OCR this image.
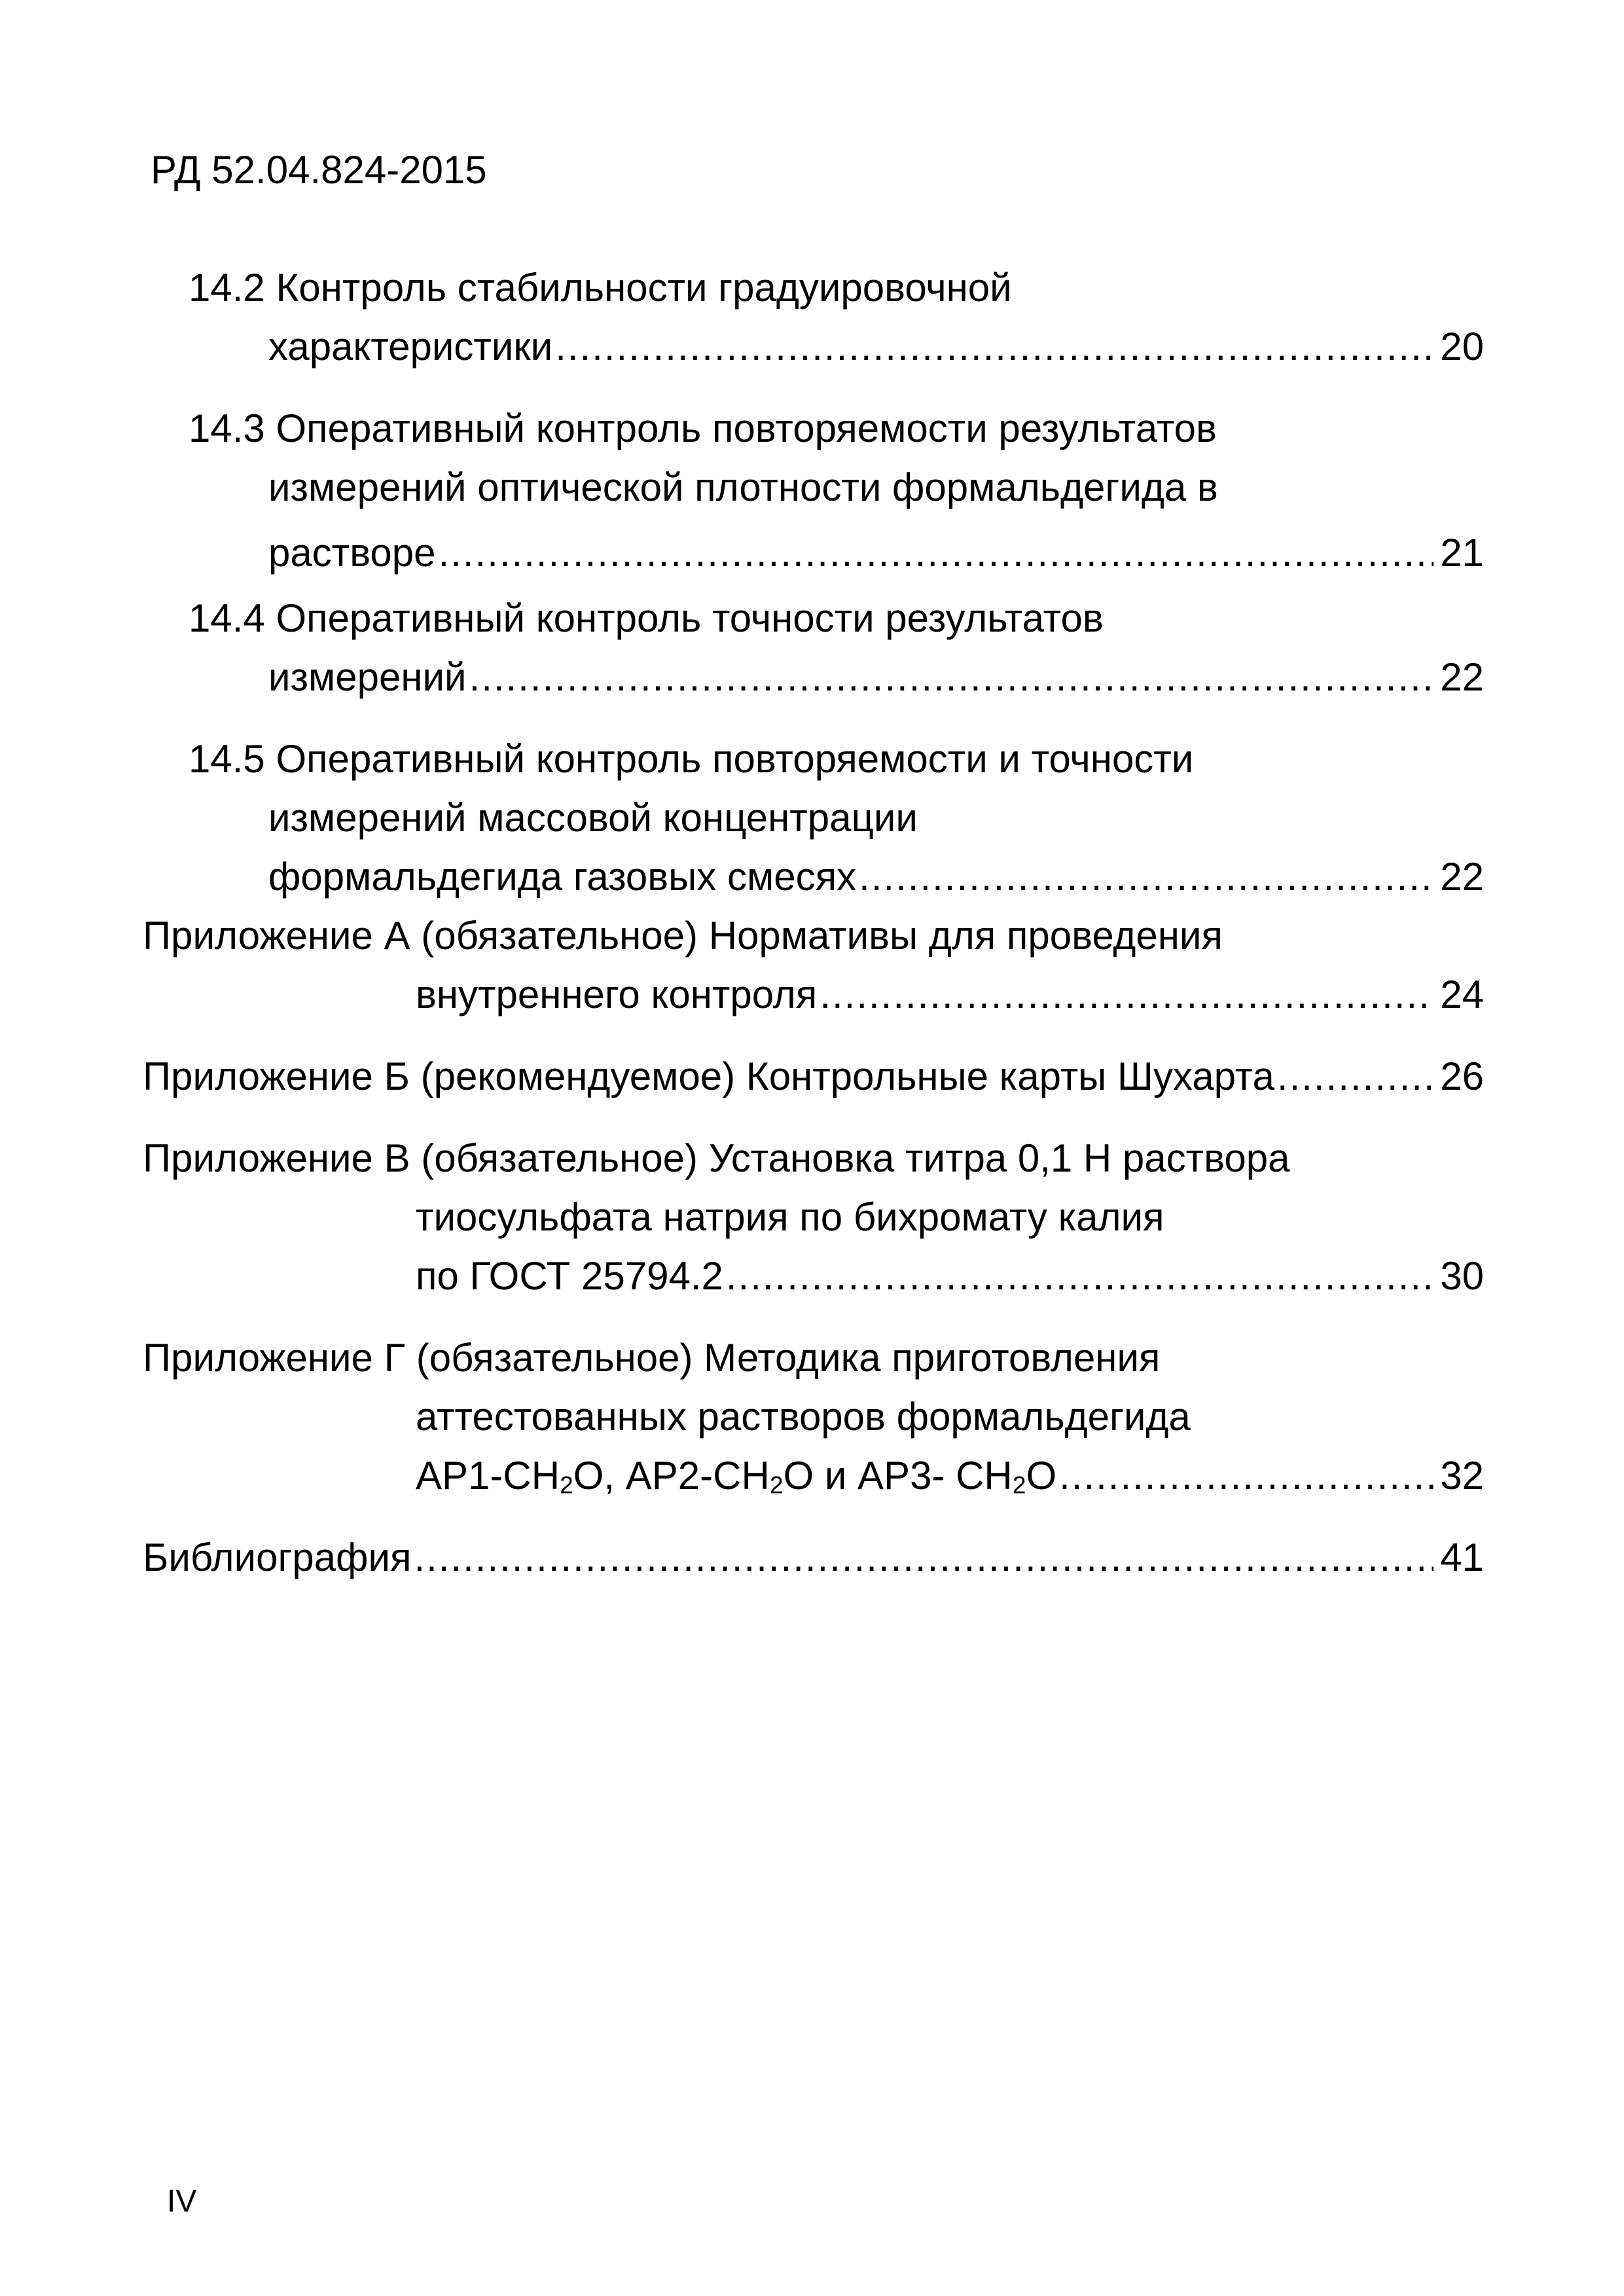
РД 52.04.824-2015
14.2 Контроль стабильности градуировочной
характеристики .....	20
14.3 Оперативный контроль повторяемости результатов
измерений оптической плотности формальдегида в
растворе .....	21
14.4 Оперативный контроль точности результатов
измерений .....	22
14.5 Оперативный контроль повторяемости и точности
измерений массовой концентрации
формальдегида газовых смесях .....	22
Приложение А (обязательное) Нормативы для проведения
внутреннего контроля .....	24
Приложение Б (рекомендуемое) Контрольные карты Шухарта .....	26
Приложение В (обязательное) Установка титра 0,1 Н раствора
тиосульфата натрия по бихромату калия
по ГОСТ 25794.2 .....	30
Приложение Г (обязательное) Методика приготовления
аттестованных растворов формальдегида
АР1-CH2O, АР2-CH2O и АР3- CH2O .....	32
Библиография .....	41
IV
